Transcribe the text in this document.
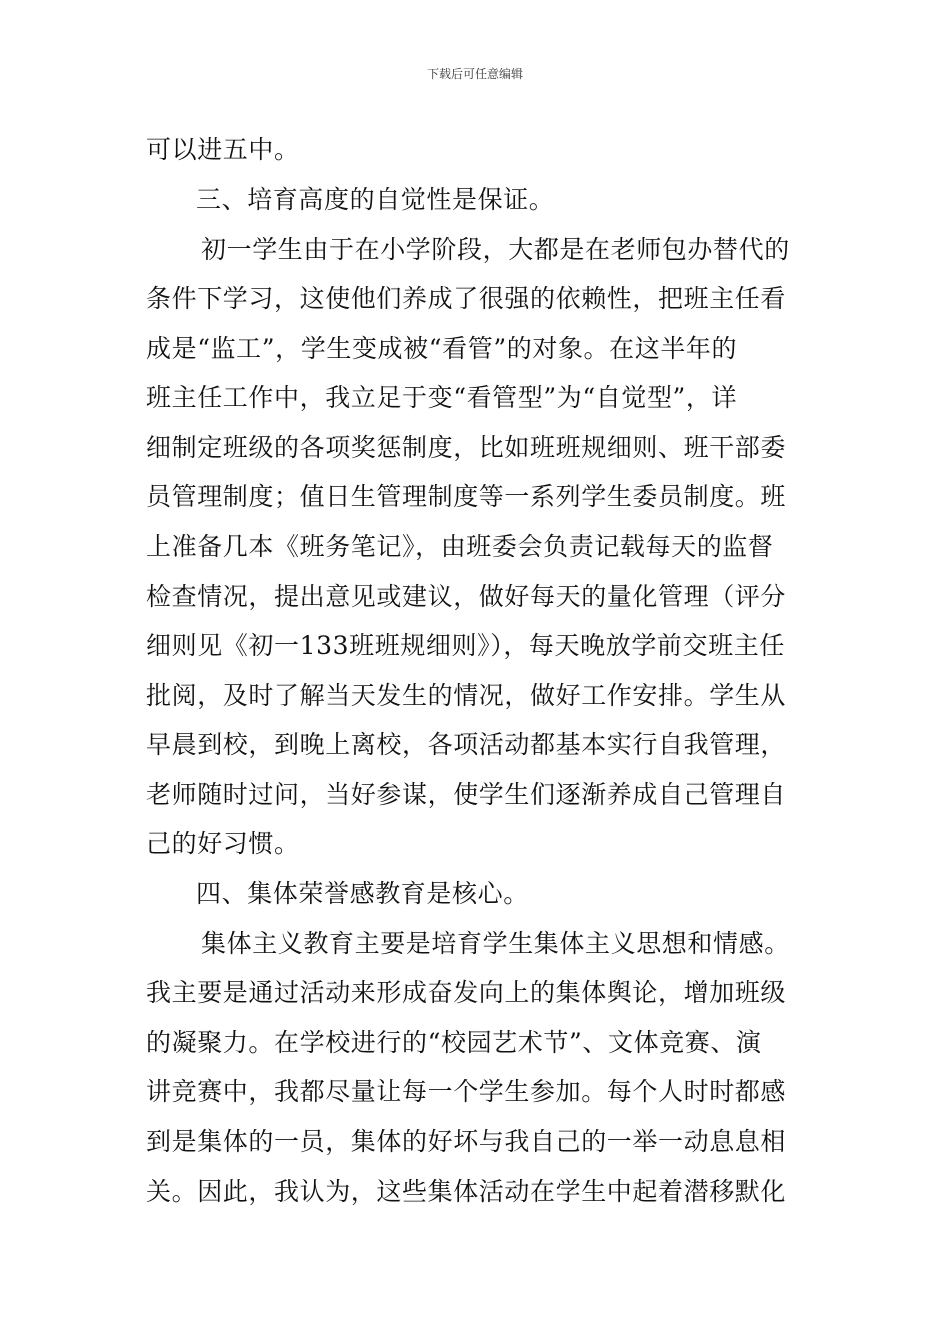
下载后可任意编辑
可以进五中。
三、培育高度的自觉性是保证。
初一学生由于在小学阶段，大都是在老师包办替代的
条件下学习，这使他们养成了很强的依赖性，把班主任看
成是“监工”，学生变成被“看管”的对象。在这半年的
班主任工作中，我立足于变“看管型”为“自觉型”，详
细制定班级的各项奖惩制度，比如班班规细则、班干部委
员管理制度；值日生管理制度等一系列学生委员制度。班
上准备几本《班务笔记》，由班委会负责记载每天的监督
检查情况，提出意见或建议，做好每天的量化管理（评分
细则见《初一133班班规细则》），每天晚放学前交班主任
批阅，及时了解当天发生的情况，做好工作安排。学生从
早晨到校，到晚上离校，各项活动都基本实行自我管理，
老师随时过问，当好参谋，使学生们逐渐养成自己管理自
己的好习惯。
四、集体荣誉感教育是核心。
集体主义教育主要是培育学生集体主义思想和情感。
我主要是通过活动来形成奋发向上的集体舆论，增加班级
的凝聚力。在学校进行的“校园艺术节”、文体竞赛、演
讲竞赛中，我都尽量让每一个学生参加。每个人时时都感
到是集体的一员，集体的好坏与我自己的一举一动息息相
关。因此，我认为，这些集体活动在学生中起着潜移默化
